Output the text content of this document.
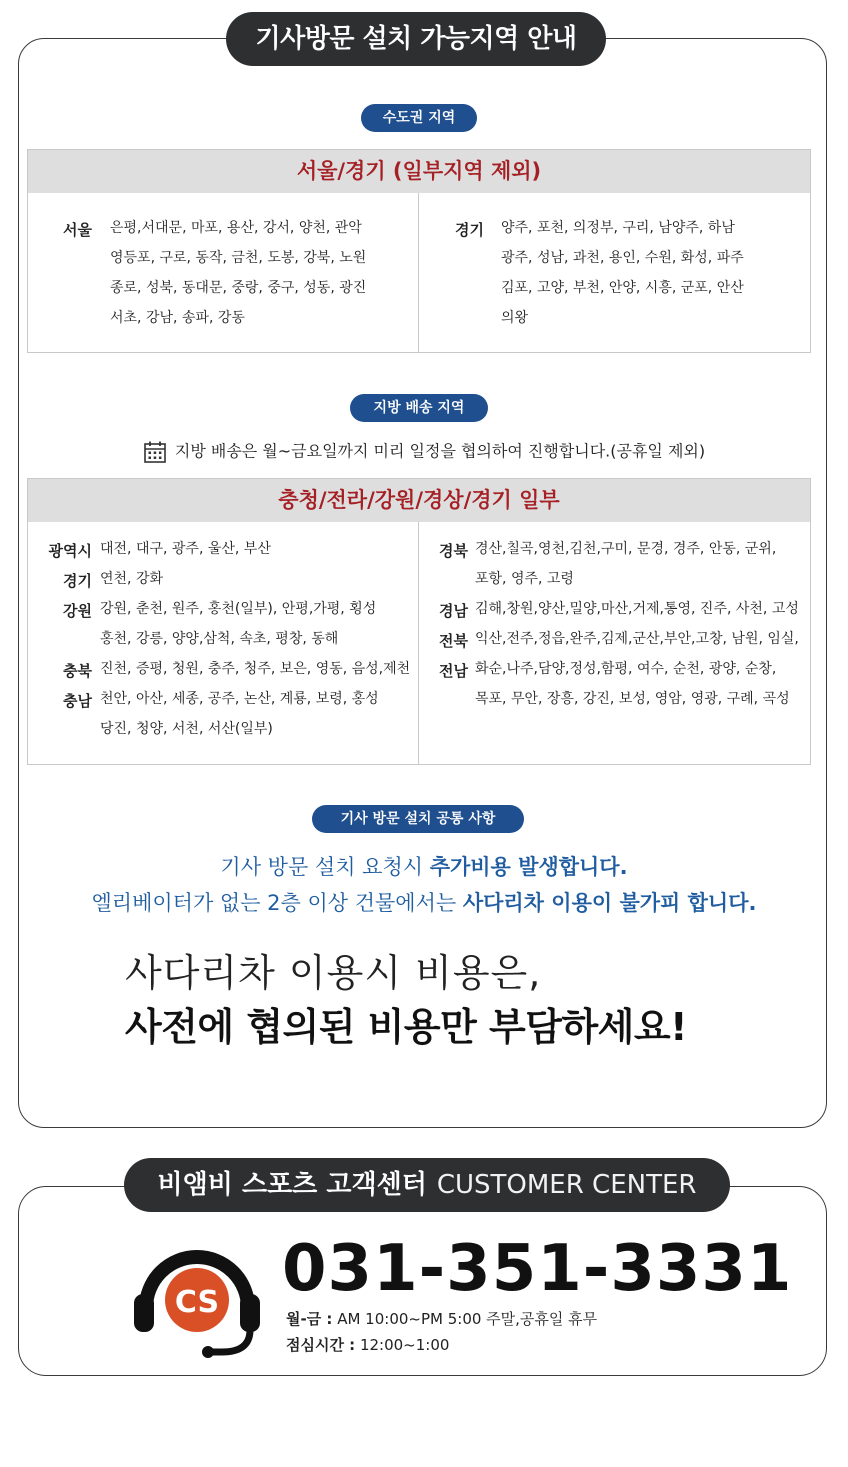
기사방문 설치 가능지역 안내
수도권 지역
서울/경기 (일부지역 제외)
서울 은평,서대문, 마포, 용산, 강서, 양천, 관악
영등포, 구로, 동작, 금천, 도봉, 강북, 노원
종로, 성북, 동대문, 중랑, 중구, 성동, 광진
서초, 강남, 송파, 강동
경기 양주, 포천, 의정부, 구리, 남양주, 하남
광주, 성남, 과천, 용인, 수원, 화성, 파주
김포, 고양, 부천, 안양, 시흥, 군포, 안산
의왕
지방 배송 지역
지방 배송은 월~금요일까지 미리 일정을 협의하여 진행합니다.(공휴일 제외)
충청/전라/강원/경상/경기 일부
광역시 대전, 대구, 광주, 울산, 부산
경기 연천, 강화
강원 강원, 춘천, 원주, 홍천(일부), 안평,가평, 횡성
홍천, 강릉, 양양,삼척, 속초, 평창, 동해
충북 진천, 증평, 청원, 충주, 청주, 보은, 영동, 음성,제천
충남 천안, 아산, 세종, 공주, 논산, 계룡, 보령, 홍성
당진, 청양, 서천, 서산(일부)
경북 경산,칠곡,영천,김천,구미, 문경, 경주, 안동, 군위,
포항, 영주, 고령
경남 김해,창원,양산,밀양,마산,거제,통영, 진주, 사천, 고성
전북 익산,전주,정읍,완주,김제,군산,부안,고창, 남원, 임실,
전남 화순,나주,담양,정성,함평, 여수, 순천, 광양, 순창,
목포, 무안, 장흥, 강진, 보성, 영암, 영광, 구례, 곡성
기사 방문 설치 공통 사항
기사 방문 설치 요청시 추가비용 발생합니다.
엘리베이터가 없는 2층 이상 건물에서는 사다리차 이용이 불가피 합니다.
사다리차 이용시 비용은,
사전에 협의된 비용만 부담하세요!
비앰비 스포츠 고객센터 CUSTOMER CENTER
CS 031-351-3331
월-금 : AM 10:00~PM 5:00 주말,공휴일 휴무
점심시간 : 12:00~1:00
